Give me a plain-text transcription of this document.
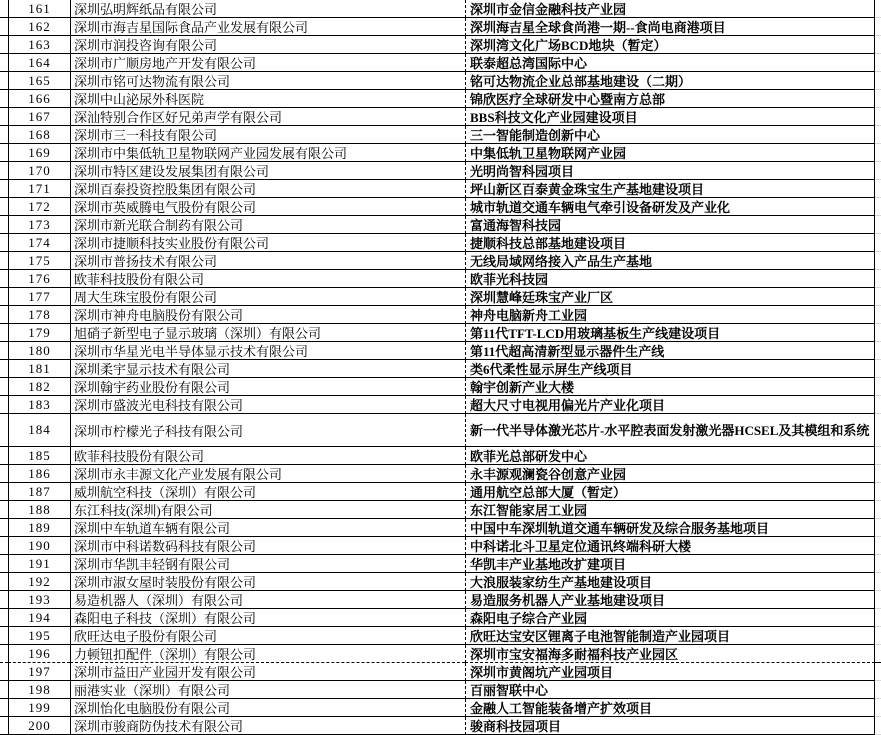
161	深圳弘明辉纸品有限公司	深圳市金信金融科技产业园
162	深圳市海吉星国际食品产业发展有限公司	深圳海吉星全球食尚港一期--食尚电商港项目
163	深圳市润投咨询有限公司	深圳湾文化广场BCD地块（暂定）
164	深圳市广顺房地产开发有限公司	联泰超总湾国际中心
165	深圳市铭可达物流有限公司	铭可达物流企业总部基地建设（二期）
166	深圳中山泌尿外科医院	锦欣医疗全球研发中心暨南方总部
167	深汕特别合作区好兄弟声学有限公司	BBS科技文化产业园建设项目
168	深圳市三一科技有限公司	三一智能制造创新中心
169	深圳市中集低轨卫星物联网产业园发展有限公司	中集低轨卫星物联网产业园
170	深圳市特区建设发展集团有限公司	光明尚智科园项目
171	深圳百泰投资控股集团有限公司	坪山新区百泰黄金珠宝生产基地建设项目
172	深圳市英威腾电气股份有限公司	城市轨道交通车辆电气牵引设备研发及产业化
173	深圳市新光联合制药有限公司	富通海智科技园
174	深圳市捷顺科技实业股份有限公司	捷顺科技总部基地建设项目
175	深圳市普扬技术有限公司	无线局域网络接入产品生产基地
176	欧菲科技股份有限公司	欧菲光科技园
177	周大生珠宝股份有限公司	深圳慧峰廷珠宝产业厂区
178	深圳市神舟电脑股份有限公司	神舟电脑新舟工业园
179	旭硝子新型电子显示玻璃（深圳）有限公司	第11代TFT-LCD用玻璃基板生产线建设项目
180	深圳市华星光电半导体显示技术有限公司	第11代超高清新型显示器件生产线
181	深圳柔宇显示技术有限公司	类6代柔性显示屏生产线项目
182	深圳翰宇药业股份有限公司	翰宇创新产业大楼
183	深圳市盛波光电科技有限公司	超大尺寸电视用偏光片产业化项目
184	深圳市柠檬光子科技有限公司	新一代半导体激光芯片-水平腔表面发射激光器HCSEL及其模组和系统
185	欧菲科技股份有限公司	欧菲光总部研发中心
186	深圳市永丰源文化产业发展有限公司	永丰源观澜瓷谷创意产业园
187	威圳航空科技（深圳）有限公司	通用航空总部大厦（暂定）
188	东江科技(深圳)有限公司	东江智能家居工业园
189	深圳中车轨道车辆有限公司	中国中车深圳轨道交通车辆研发及综合服务基地项目
190	深圳市中科诺数码科技有限公司	中科诺北斗卫星定位通讯终端科研大楼
191	深圳市华凯丰轻钢有限公司	华凯丰产业基地改扩建项目
192	深圳市淑女屋时装股份有限公司	大浪服装家纺生产基地建设项目
193	易造机器人（深圳）有限公司	易造服务机器人产业基地建设项目
194	森阳电子科技（深圳）有限公司	森阳电子综合产业园
195	欣旺达电子股份有限公司	欣旺达宝安区锂离子电池智能制造产业园项目
196	力顿钮扣配件（深圳）有限公司	深圳市宝安福海多耐福科技产业园区
197	深圳市益田产业园开发有限公司	深圳市黄阁坑产业园项目
198	丽港实业（深圳）有限公司	百丽智联中心
199	深圳怡化电脑股份有限公司	金融人工智能装备增产扩效项目
200	深圳市骏商防伪技术有限公司	骏商科技园项目
